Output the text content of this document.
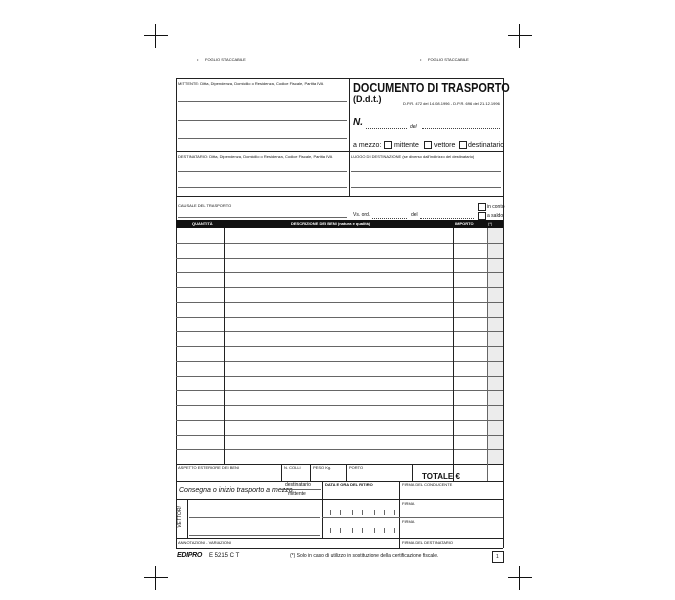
• FOGLIO STACCABILE	• FOGLIO STACCABILE
MITTENTE: Ditta, Dipendenza, Domicilio o Residenza, Codice Fiscale, Partita IVA DOCUMENTO DI TRASPORTO
(D.d.t.)	D.P.R. 472 del 14.08.1996 - D.P.R. 696 del 21.12.1996
N.	del
a mezzo: mittente vettore destinatario
DESTINATARIO: Ditta, Dipendenza, Domicilio o Residenza, Codice Fiscale, Partita IVA	LUOGO DI DESTINAZIONE (se diverso dall'indirizzo del destinatario)
CAUSALE DEL TRASPORTO
Vs. ord.	del
in conto
a saldo
QUANTITÀ	DESCRIZIONE DEI BENI (natura e qualità)	IMPORTO	(*)
ASPETTO ESTERIORE DEI BENI	N. COLLI	PESO Kg.	PORTO
TOTALE €
Consegna o inizio trasporto a mezzo
destinatario
mittente
DATA E ORA DEL RITIRO	FIRMA DEL CONDUCENTE
VETTORI
FIRMA
FIRMA
ANNOTAZIONI - VARIAZIONI	FIRMA DEL DESTINATARIO
EDIPRO E 5215 C T	(*) Solo in caso di utilizzo in sostituzione della certificazione fiscale.	1
